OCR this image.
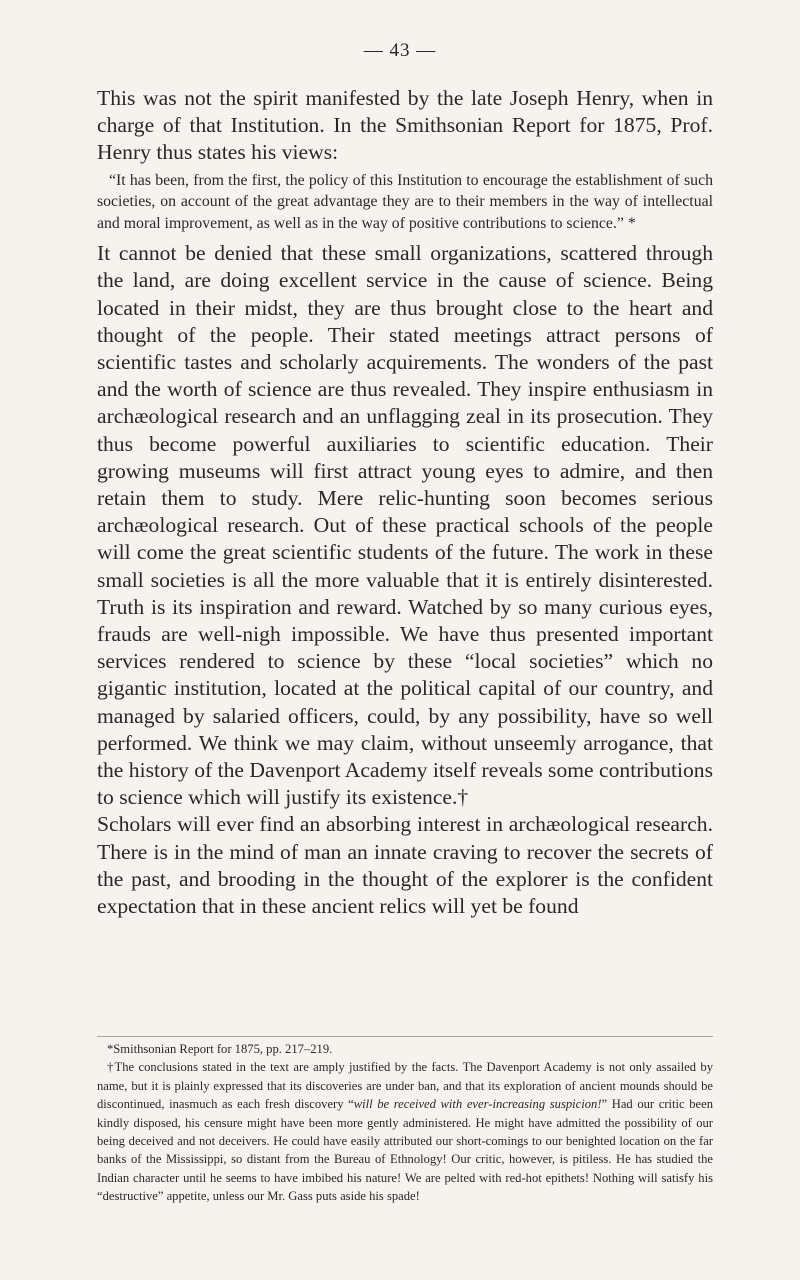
— 43 —

This was not the spirit manifested by the late Joseph Henry, when in charge of that Institution. In the Smithsonian Report for 1875, Prof. Henry thus states his views:

“It has been, from the first, the policy of this Institution to encourage the establishment of such societies, on account of the great advantage they are to their members in the way of intellectual and moral improvement, as well as in the way of positive contributions to science.” *

It cannot be denied that these small organizations, scattered through the land, are doing excellent service in the cause of science. Being located in their midst, they are thus brought close to the heart and thought of the people. Their stated meetings attract persons of scientific tastes and scholarly acquirements. The wonders of the past and the worth of science are thus revealed. They inspire enthusiasm in archæological research and an unflagging zeal in its prosecution. They thus become powerful auxiliaries to scientific education. Their growing museums will first attract young eyes to admire, and then retain them to study. Mere relic-hunting soon becomes serious archæological research. Out of these practical schools of the people will come the great scientific students of the future. The work in these small societies is all the more valuable that it is entirely disinterested. Truth is its inspiration and reward. Watched by so many curious eyes, frauds are well-nigh impossible. We have thus presented important services rendered to science by these “local societies” which no gigantic institution, located at the political capital of our country, and managed by salaried officers, could, by any possibility, have so well performed. We think we may claim, without unseemly arrogance, that the history of the Davenport Academy itself reveals some contributions to science which will justify its existence.†

Scholars will ever find an absorbing interest in archæological research. There is in the mind of man an innate craving to recover the secrets of the past, and brooding in the thought of the explorer is the confident expectation that in these ancient relics will yet be found

*Smithsonian Report for 1875, pp. 217–219.

†The conclusions stated in the text are amply justified by the facts. The Davenport Academy is not only assailed by name, but it is plainly expressed that its discoveries are under ban, and that its exploration of ancient mounds should be discontinued, inasmuch as each fresh discovery “will be received with ever-increasing suspicion!” Had our critic been kindly disposed, his censure might have been more gently administered. He might have admitted the possibility of our being deceived and not deceivers. He could have easily attributed our short-comings to our benighted location on the far banks of the Mississippi, so distant from the Bureau of Ethnology! Our critic, however, is pitiless. He has studied the Indian character until he seems to have imbibed his nature! We are pelted with red-hot epithets! Nothing will satisfy his “destructive” appetite, unless our Mr. Gass puts aside his spade!
